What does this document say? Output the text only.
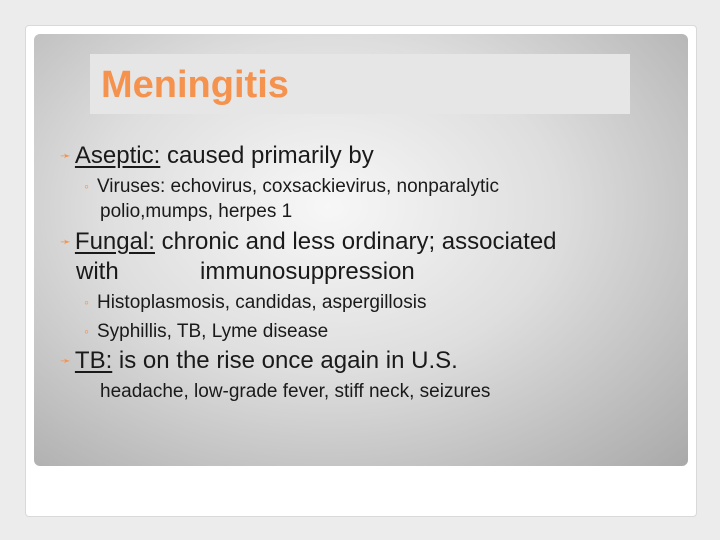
Meningitis
➛ Aseptic: caused primarily by
◦ Viruses: echovirus, coxsackievirus, nonparalytic
polio,mumps, herpes 1
➛ Fungal: chronic and less ordinary; associated
with	immunosuppression
◦ Histoplasmosis, candidas, aspergillosis
◦ Syphillis, TB, Lyme disease
➛ TB: is on the rise once again in U.S.
headache, low-grade fever, stiff neck, seizures
